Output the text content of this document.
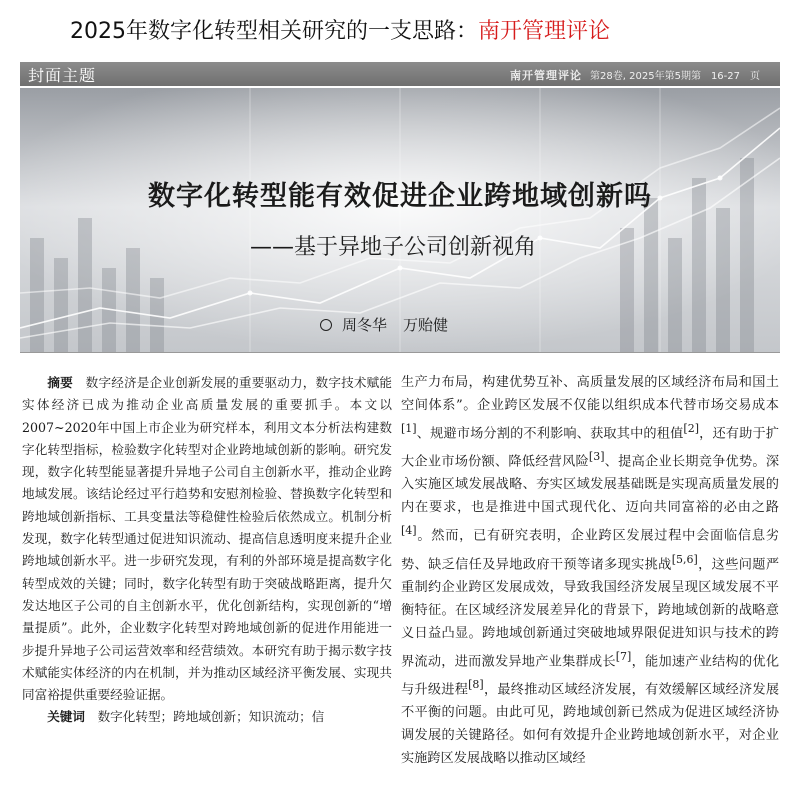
2025年数字化转型相关研究的一支思路：南开管理评论
封面主题	南开管理评论 第28卷, 2025年第5期第　16-27　页
数字化转型能有效促进企业跨地域创新吗
——基于异地子公司创新视角
周冬华 万贻健

  摘要  数字经济是企业创新发展的重要驱动力，数字技术赋能实体经济已成为推动企业高质量发展的重要抓手。本文以2007~2020年中国上市企业为研究样本，利用文本分析法构建数字化转型指标，检验数字化转型对企业跨地域创新的影响。研究发现，数字化转型能显著提升异地子公司自主创新水平，推动企业跨地域发展。该结论经过平行趋势和安慰剂检验、替换数字化转型和跨地域创新指标、工具变量法等稳健性检验后依然成立。机制分析发现，数字化转型通过促进知识流动、提高信息透明度来提升企业跨地域创新水平。进一步研究发现，有利的外部环境是提高数字化转型成效的关键；同时，数字化转型有助于突破战略距离，提升欠发达地区子公司的自主创新水平，优化创新结构，实现创新的“增量提质”。此外，企业数字化转型对跨地域创新的促进作用能进一步提升异地子公司运营效率和经营绩效。本研究有助于揭示数字技术赋能实体经济的内在机制，并为推动区域经济平衡发展、实现共同富裕提供重要经验证据。

  关键词  数字化转型；跨地域创新；知识流动；信

生产力布局，构建优势互补、高质量发展的区域经济布局和国土空间体系”。企业跨区发展不仅能以组织成本代替市场交易成本[1]、规避市场分割的不利影响、获取其中的租值[2]，还有助于扩大企业市场份额、降低经营风险[3]、提高企业长期竞争优势。深入实施区域发展战略、夯实区域发展基础既是实现高质量发展的内在要求，也是推进中国式现代化、迈向共同富裕的必由之路[4]。然而，已有研究表明，企业跨区发展过程中会面临信息劣势、缺乏信任及异地政府干预等诸多现实挑战[5,6]，这些问题严重制约企业跨区发展成效，导致我国经济发展呈现区域发展不平衡特征。在区域经济发展差异化的背景下，跨地域创新的战略意义日益凸显。跨地域创新通过突破地域界限促进知识与技术的跨界流动，进而激发异地产业集群成长[7]，能加速产业结构的优化与升级进程[8]，最终推动区域经济发展，有效缓解区域经济发展不平衡的问题。由此可见，跨地域创新已然成为促进区域经济协调发展的关键路径。如何有效提升企业跨地域创新水平，对企业实施跨区发展战略以推动区域经
